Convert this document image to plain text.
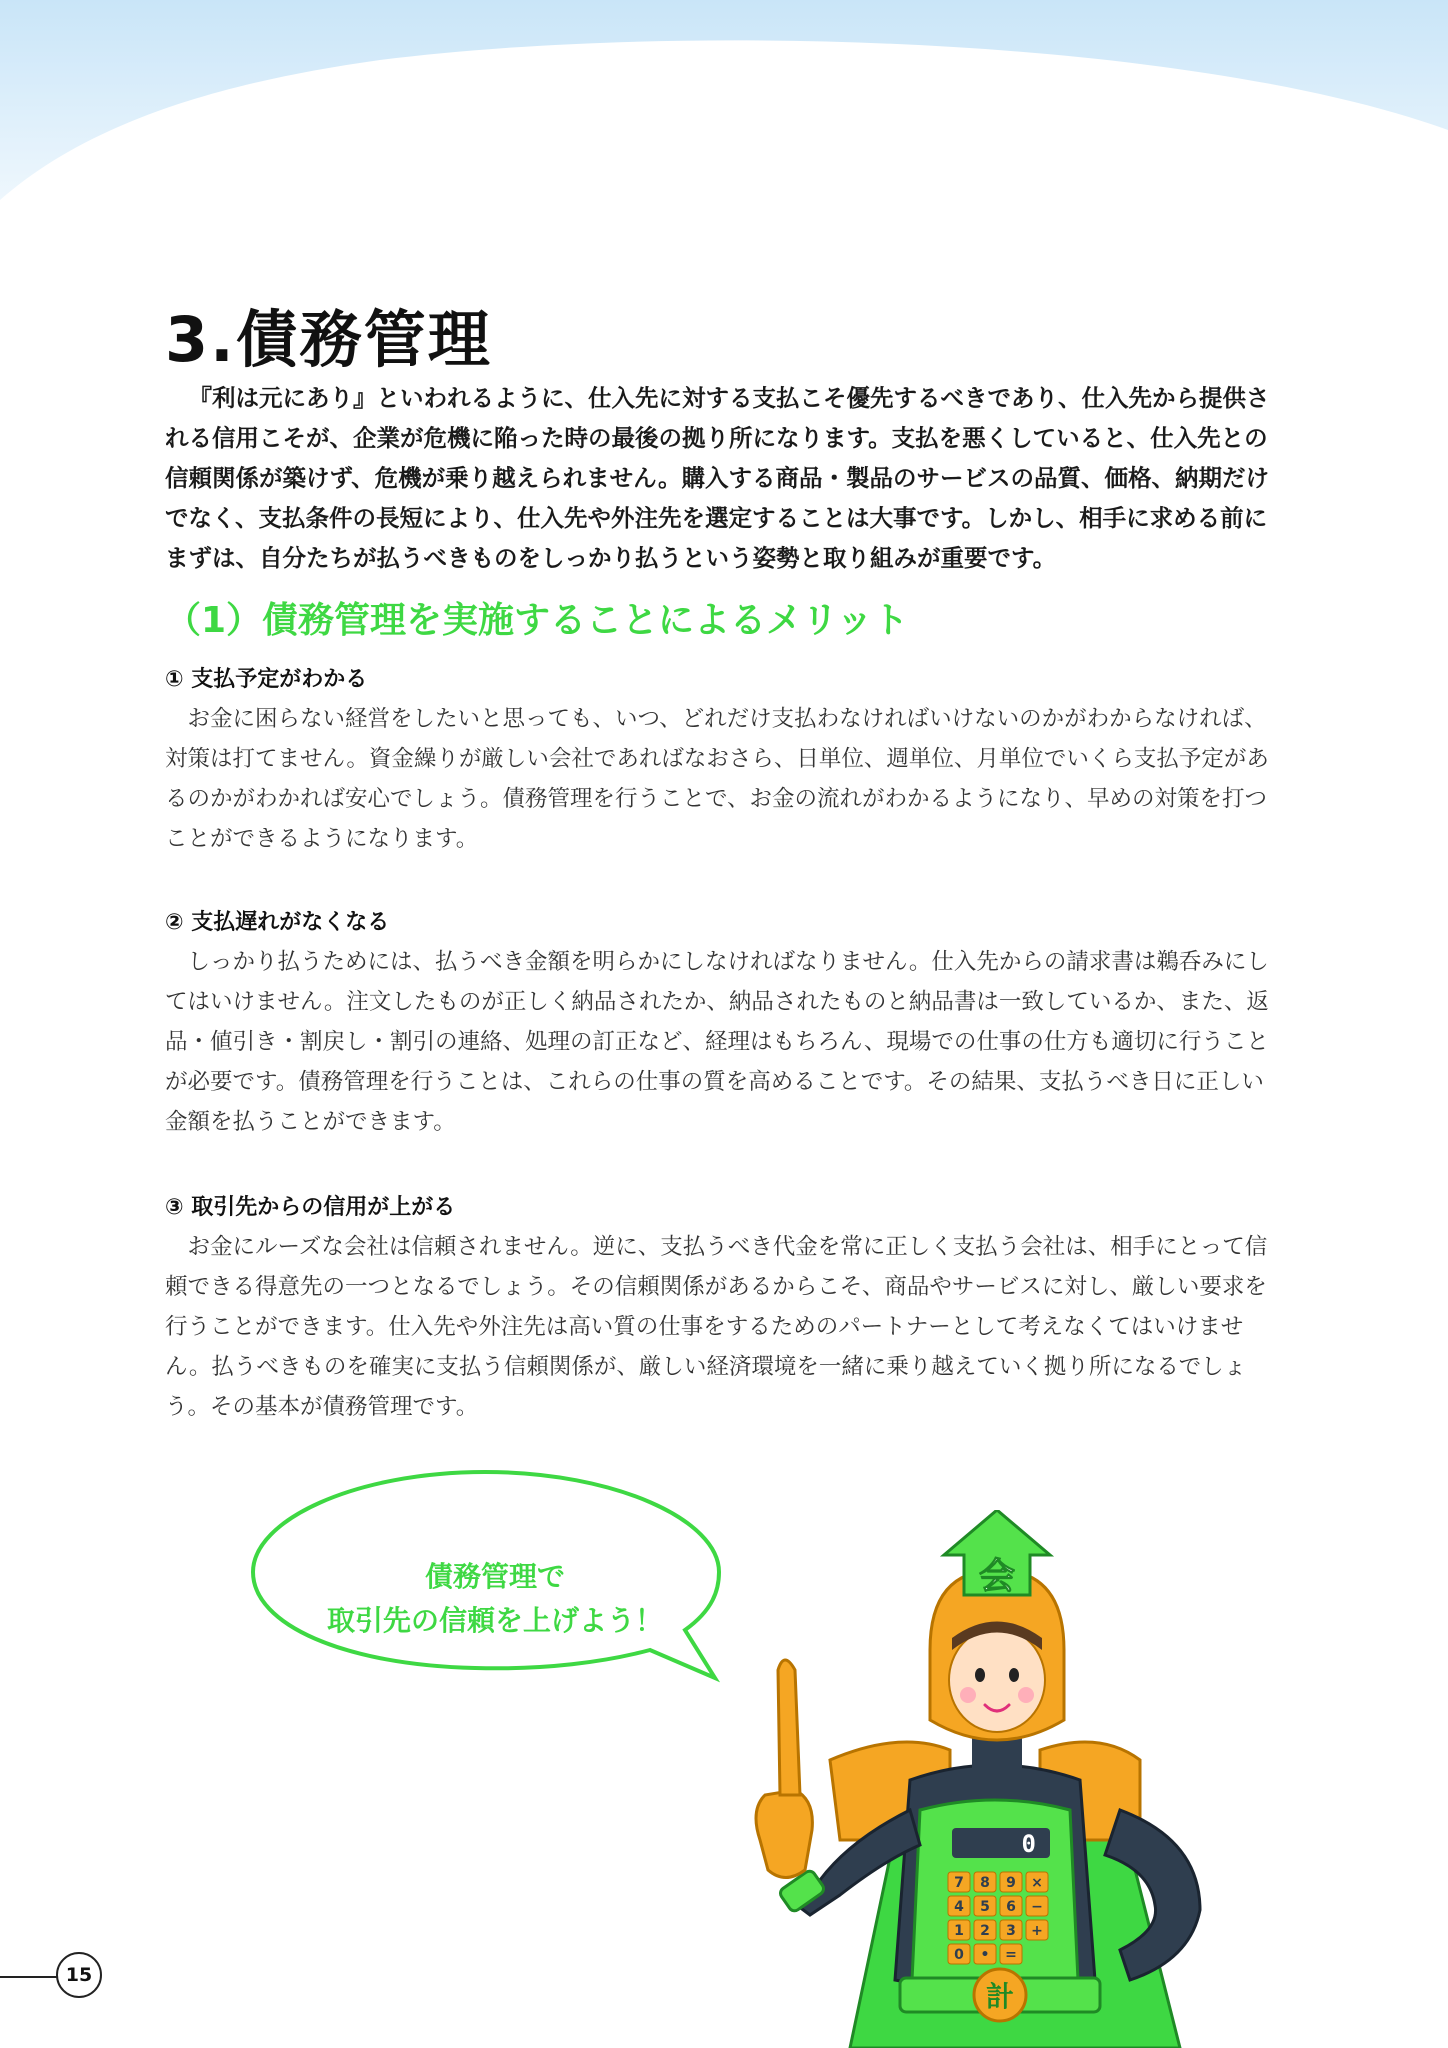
3.債務管理

『利は元にあり』といわれるように、仕入先に対する支払こそ優先するべきであり、仕入先から提供される信用こそが、企業が危機に陥った時の最後の拠り所になります。支払を悪くしていると、仕入先との信頼関係が築けず、危機が乗り越えられません。購入する商品・製品のサービスの品質、価格、納期だけでなく、支払条件の長短により、仕入先や外注先を選定することは大事です。しかし、相手に求める前にまずは、自分たちが払うべきものをしっかり払うという姿勢と取り組みが重要です。

（1）債務管理を実施することによるメリット
① 支払予定がわかる

お金に困らない経営をしたいと思っても、いつ、どれだけ支払わなければいけないのかがわからなければ、対策は打てません。資金繰りが厳しい会社であればなおさら、日単位、週単位、月単位でいくら支払予定があるのかがわかれば安心でしょう。債務管理を行うことで、お金の流れがわかるようになり、早めの対策を打つことができるようになります。

② 支払遅れがなくなる

しっかり払うためには、払うべき金額を明らかにしなければなりません。仕入先からの請求書は鵜呑みにしてはいけません。注文したものが正しく納品されたか、納品されたものと納品書は一致しているか、また、返品・値引き・割戻し・割引の連絡、処理の訂正など、経理はもちろん、現場での仕事の仕方も適切に行うことが必要です。債務管理を行うことは、これらの仕事の質を高めることです。その結果、支払うべき日に正しい金額を払うことができます。

③ 取引先からの信用が上がる

お金にルーズな会社は信頼されません。逆に、支払うべき代金を常に正しく支払う会社は、相手にとって信頼できる得意先の一つとなるでしょう。その信頼関係があるからこそ、商品やサービスに対し、厳しい要求を行うことができます。仕入先や外注先は高い質の仕事をするためのパートナーとして考えなくてはいけません。払うべきものを確実に支払う信頼関係が、厳しい経済環境を一緒に乗り越えていく拠り所になるでしょう。その基本が債務管理です。

債務管理で
取引先の信頼を上げよう！
0
7 8 9 ×
4 5 6 −
1 2 3 +
0 • =
計
会
15
